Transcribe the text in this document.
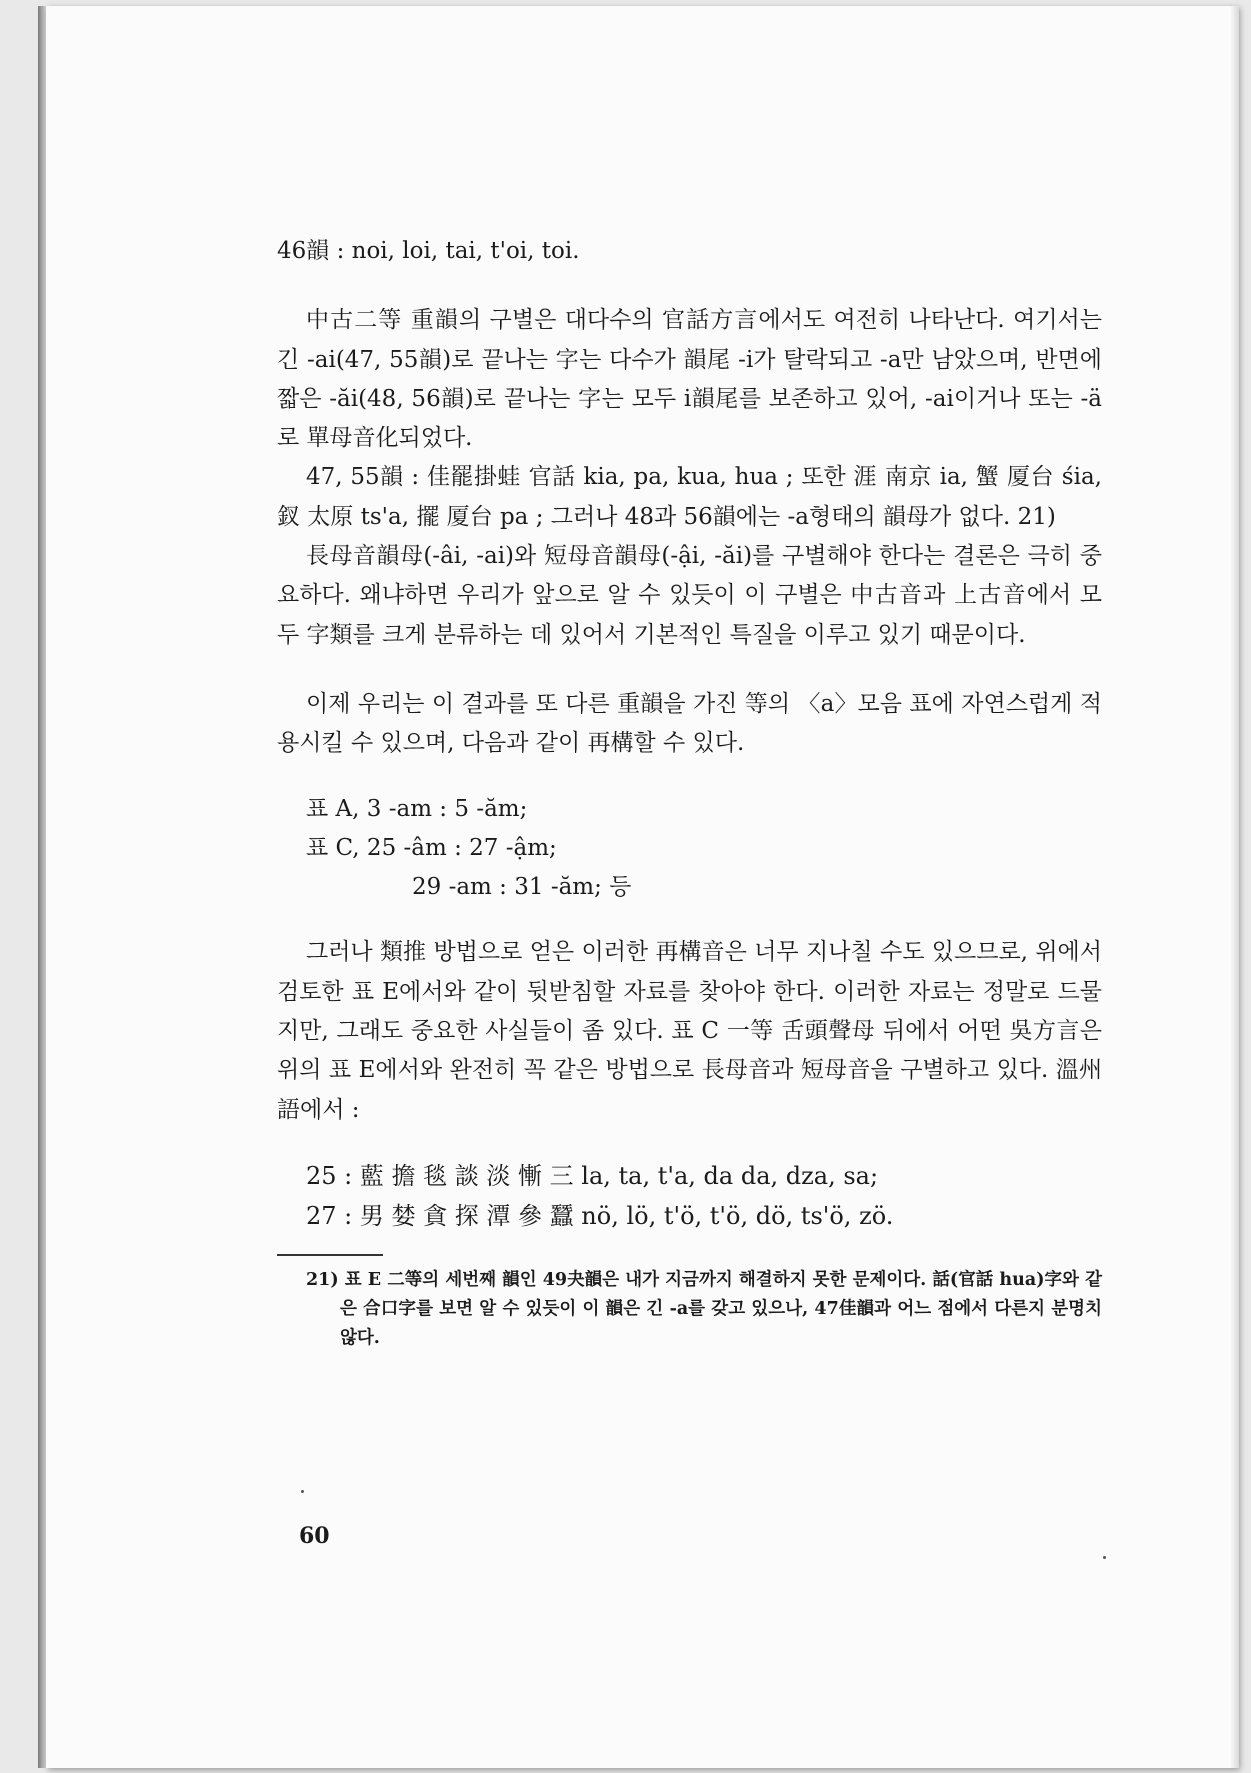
46韻 : noi, loi, tai, t'oi, toi.

中古二等 重韻의 구별은 대다수의 官話方言에서도 여전히 나타난다. 여기서는 긴 -ai(47, 55韻)로 끝나는 字는 다수가 韻尾 -i가 탈락되고 -a만 남았으며, 반면에 짧은 -ăi(48, 56韻)로 끝나는 字는 모두 i韻尾를 보존하고 있어, -ai이거나 또는 -ä로 單母音化되었다.

47, 55韻 : 佳罷掛蛙 官話 kia, pa, kua, hua ; 또한 涯 南京 ia, 蟹 厦台 śia, 釵 太原 ts'a, 擺 厦台 pa ; 그러나 48과 56韻에는 -a형태의 韻母가 없다. 21)

長母音韻母(-âi, -ai)와 短母音韻母(-ậi, -ăi)를 구별해야 한다는 결론은 극히 중요하다. 왜냐하면 우리가 앞으로 알 수 있듯이 이 구별은 中古音과 上古音에서 모두 字類를 크게 분류하는 데 있어서 기본적인 특질을 이루고 있기 때문이다.

이제 우리는 이 결과를 또 다른 重韻을 가진 等의 〈a〉모음 표에 자연스럽게 적용시킬 수 있으며, 다음과 같이 再構할 수 있다.

표 A, 3 -am : 5 -ăm;
표 C, 25 -âm : 27 -ậm;
29 -am : 31 -ăm; 등

그러나 類推 방법으로 얻은 이러한 再構音은 너무 지나칠 수도 있으므로, 위에서 검토한 표 E에서와 같이 뒷받침할 자료를 찾아야 한다. 이러한 자료는 정말로 드물지만, 그래도 중요한 사실들이 좀 있다. 표 C 一等 舌頭聲母 뒤에서 어떤 吳方言은 위의 표 E에서와 완전히 꼭 같은 방법으로 長母音과 短母音을 구별하고 있다. 溫州語에서 :

25 : 藍 擔 毯 談 淡 慚 三 la, ta, t'a, da da, dza, sa;
27 : 男 婪 貪 探 潭 參 蠶 nö, lö, t'ö, t'ö, dö, ts'ö, zö.
21) 표 E 二等의 세번째 韻인 49夬韻은 내가 지금까지 해결하지 못한 문제이다. 話(官話 hua)字와 같은 合口字를 보면 알 수 있듯이 이 韻은 긴 -a를 갖고 있으나, 47佳韻과 어느 점에서 다른지 분명치 않다.
60
